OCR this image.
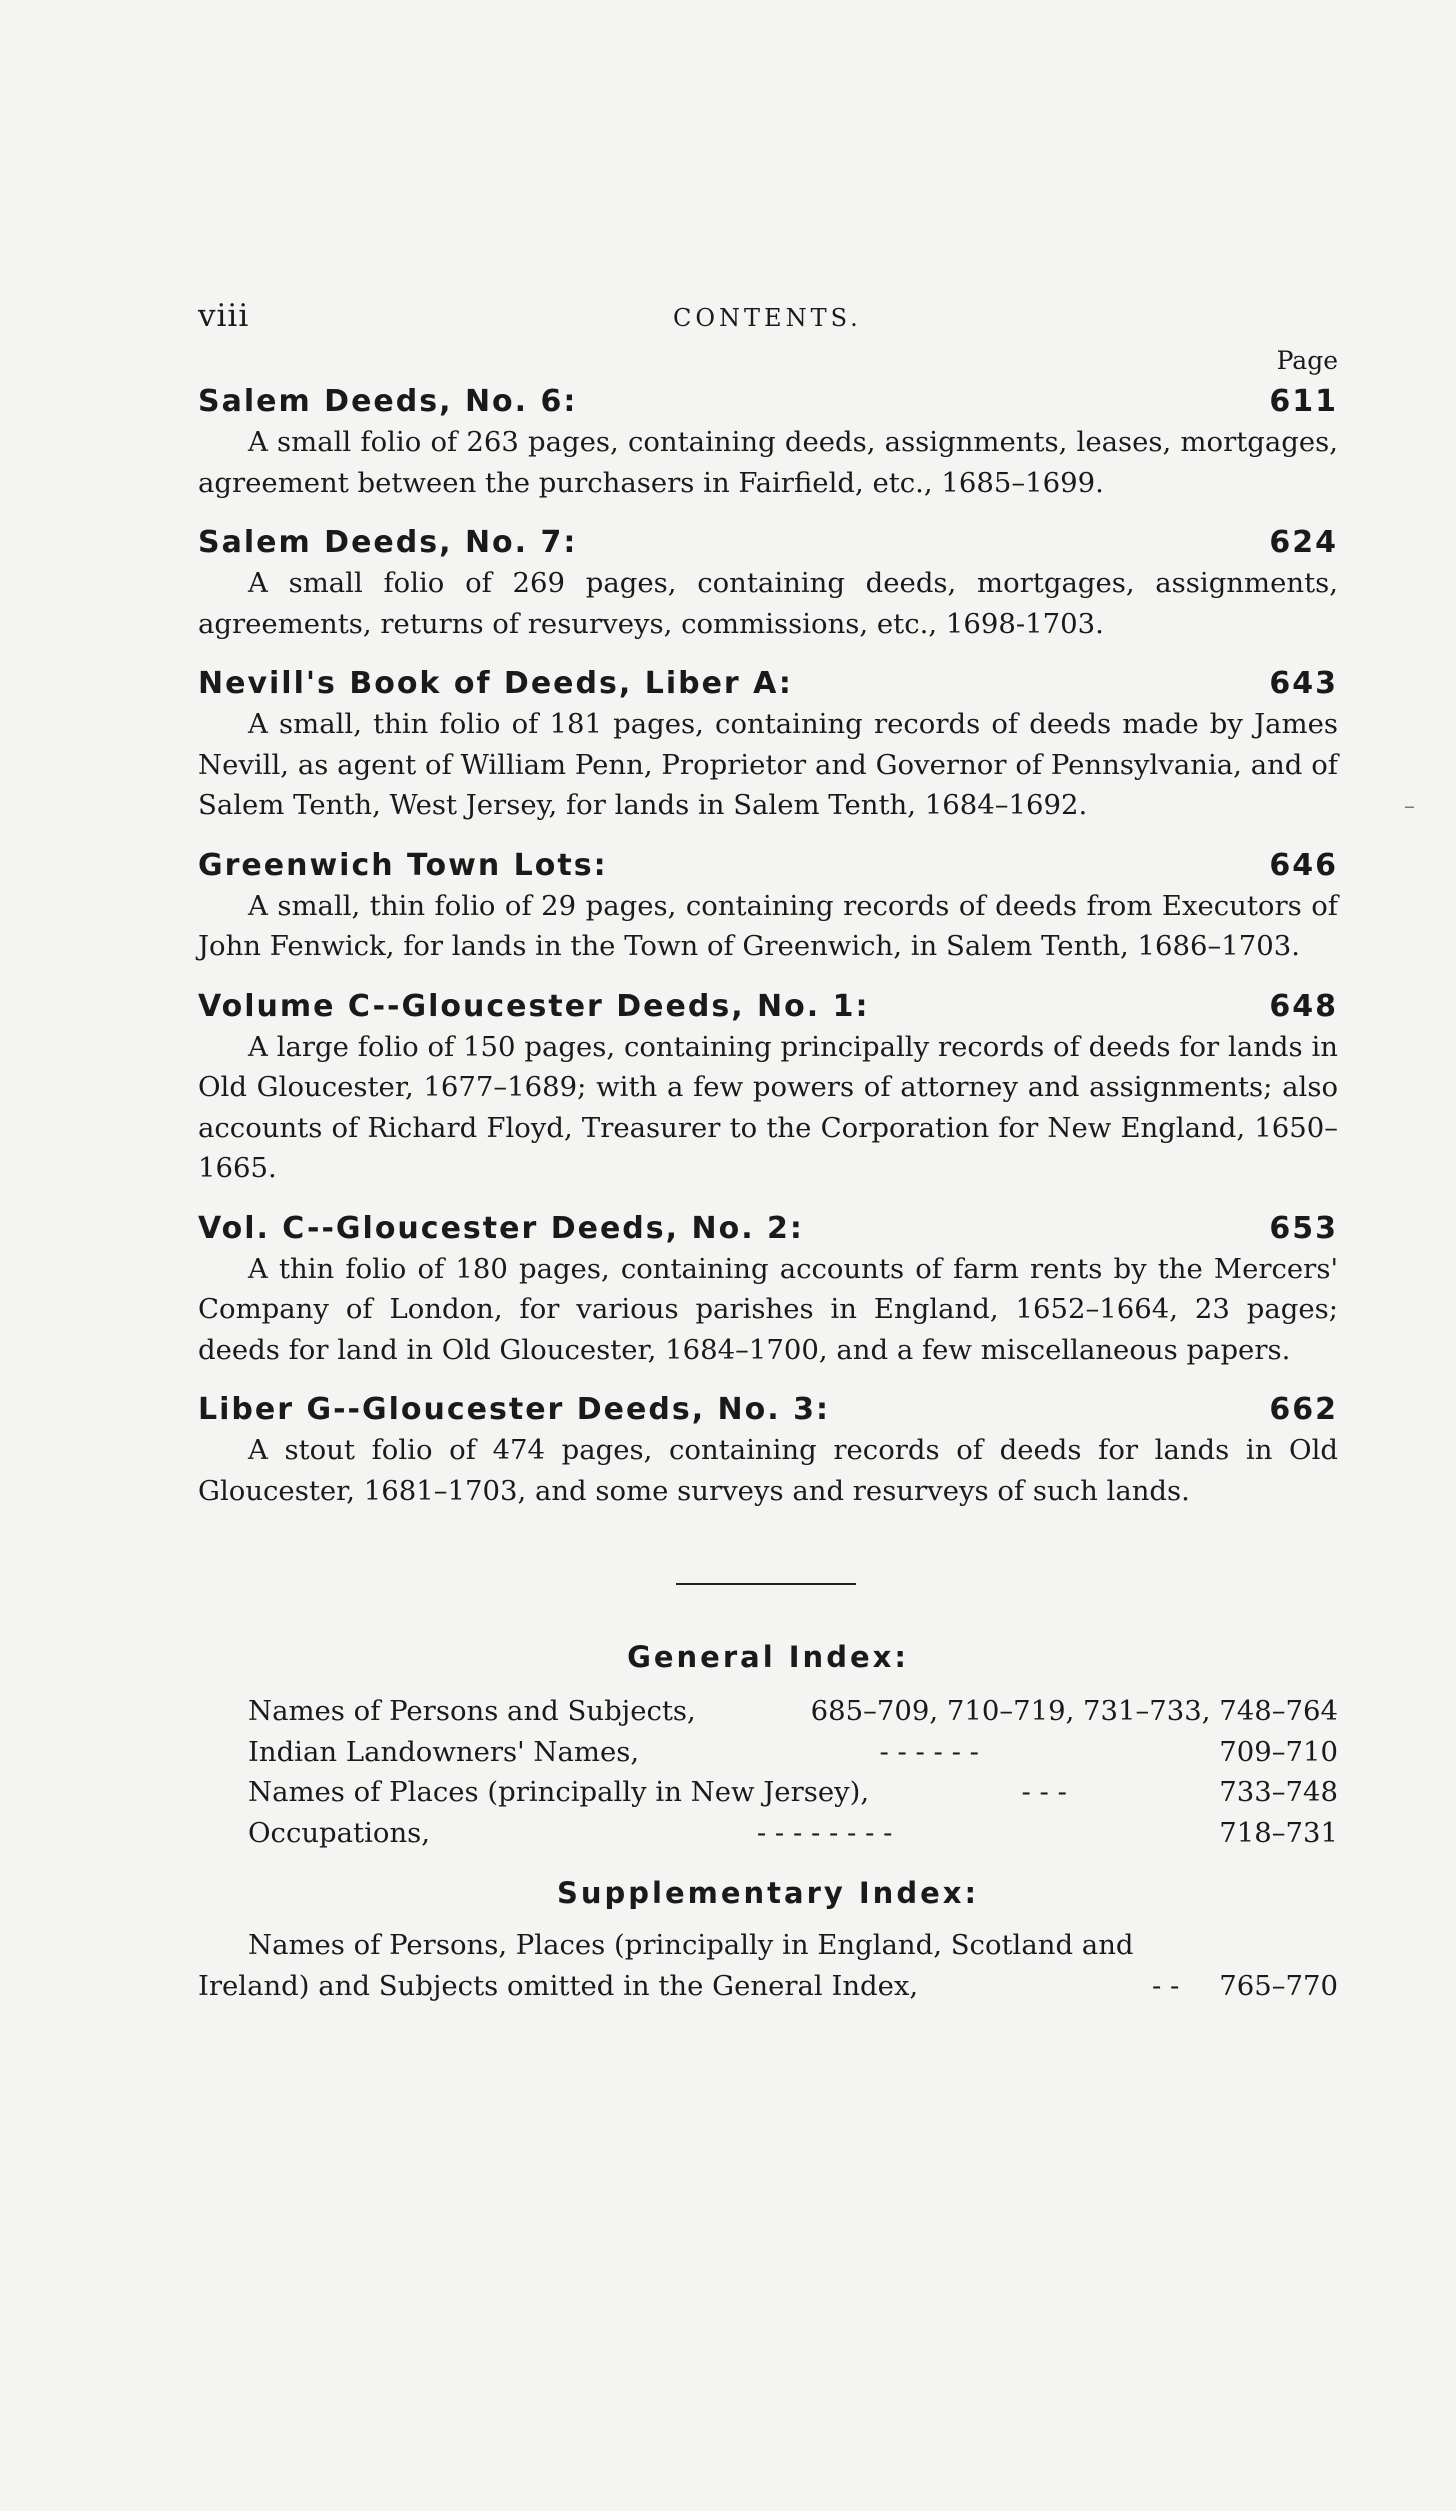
viii	CONTENTS.
Page
Salem Deeds, No. 6:	611
A small folio of 263 pages, containing deeds, assignments, leases, mortgages, agreement between the purchasers in Fairfield, etc., 1685–1699.
Salem Deeds, No. 7:	624
A small folio of 269 pages, containing deeds, mortgages, assignments, agreements, returns of resurveys, commissions, etc., 1698-1703.
Nevill's Book of Deeds, Liber A:	643
A small, thin folio of 181 pages, containing records of deeds made by James Nevill, as agent of William Penn, Proprietor and Governor of Pennsylvania, and of Salem Tenth, West Jersey, for lands in Salem Tenth, 1684–1692.
Greenwich Town Lots:	646
A small, thin folio of 29 pages, containing records of deeds from Executors of John Fenwick, for lands in the Town of Greenwich, in Salem Tenth, 1686–1703.
Volume C--Gloucester Deeds, No. 1:	648
A large folio of 150 pages, containing principally records of deeds for lands in Old Gloucester, 1677–1689; with a few powers of attorney and assignments; also accounts of Richard Floyd, Treasurer to the Corporation for New England, 1650–1665.
Vol. C--Gloucester Deeds, No. 2:	653
A thin folio of 180 pages, containing accounts of farm rents by the Mercers' Company of London, for various parishes in England, 1652–1664, 23 pages; deeds for land in Old Gloucester, 1684–1700, and a few miscellaneous papers.
Liber G--Gloucester Deeds, No. 3:	662
A stout folio of 474 pages, containing records of deeds for lands in Old Gloucester, 1681–1703, and some surveys and resurveys of such lands.
General Index:
Names of Persons and Subjects,	685–709, 710–719, 731–733, 748–764
Indian Landowners' Names,	- - - - - -	709–710
Names of Places (principally in New Jersey),	- - -	733–748
Occupations,	- - - - - - - -	718–731
Supplementary Index:
Names of Persons, Places (principally in England, Scotland and
Ireland) and Subjects omitted in the General Index,	- - 765–770
–
